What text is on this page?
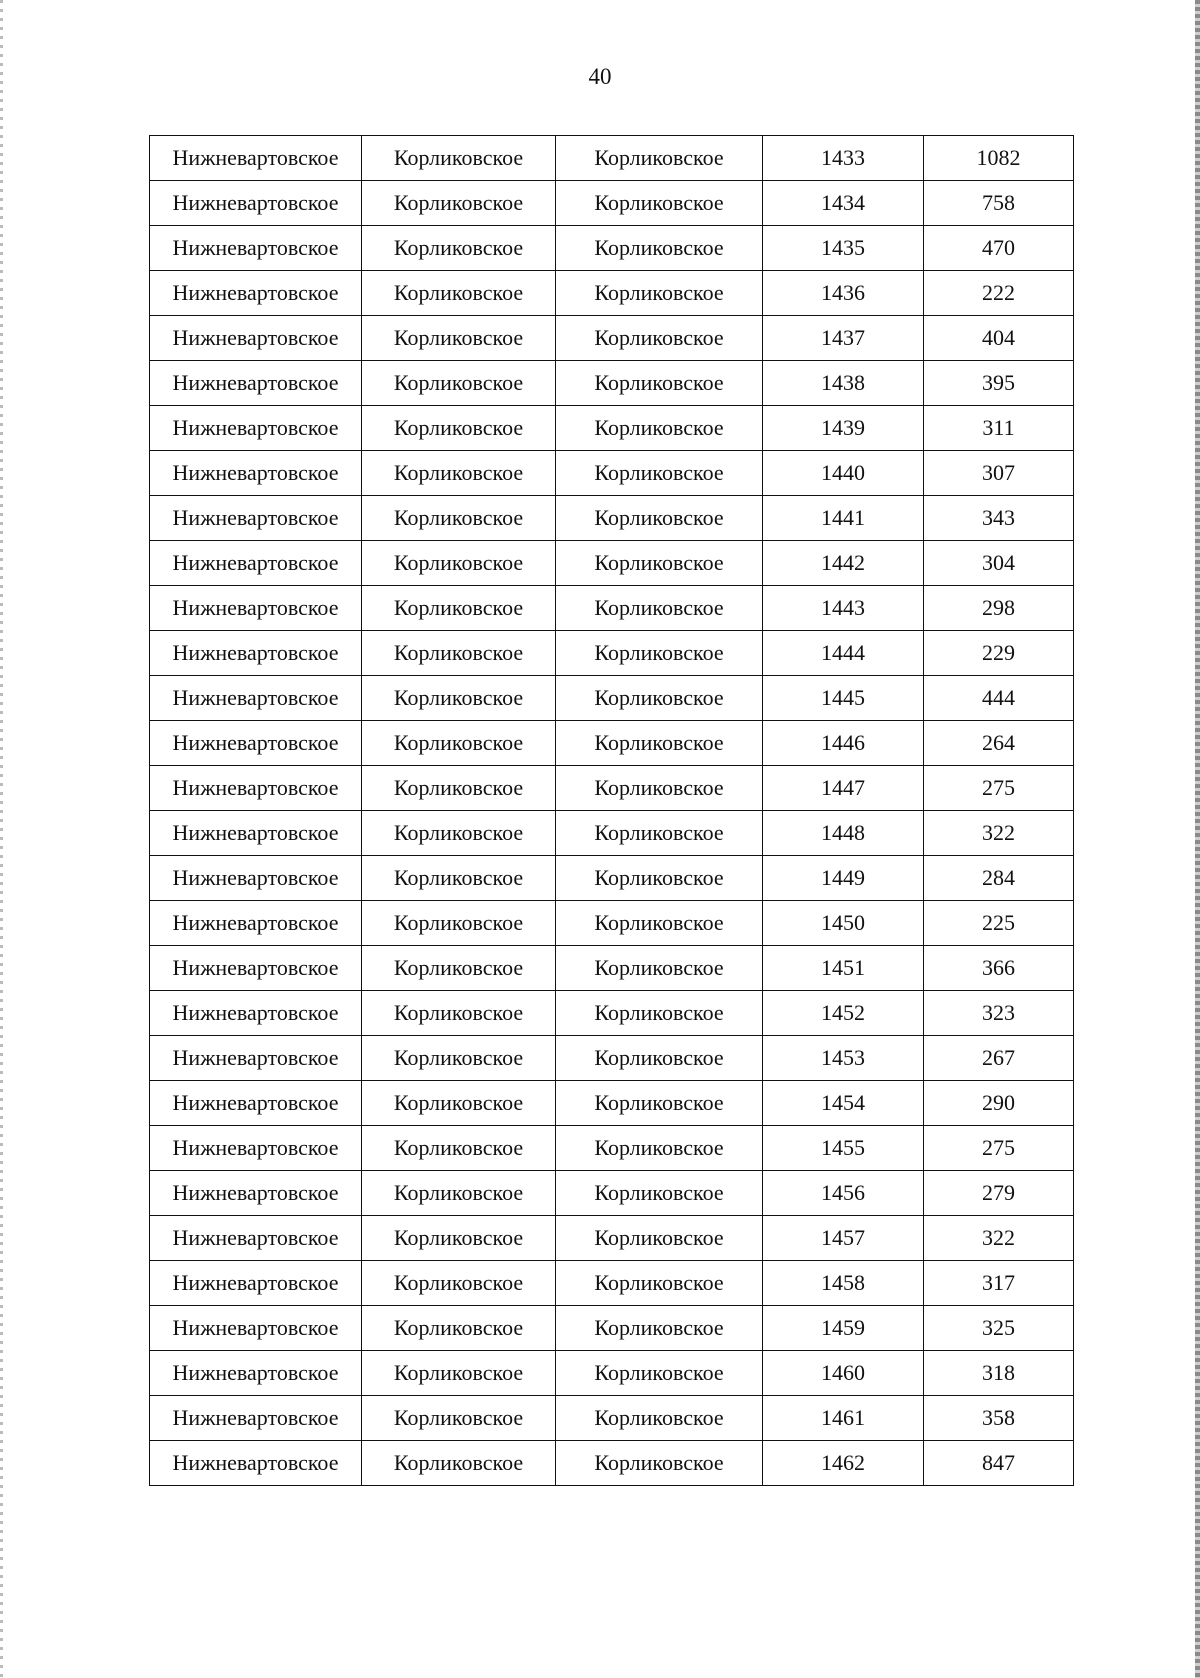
40
Нижневартовское	Корликовское	Корликовское	1433	1082
Нижневартовское	Корликовское	Корликовское	1434	758
Нижневартовское	Корликовское	Корликовское	1435	470
Нижневартовское	Корликовское	Корликовское	1436	222
Нижневартовское	Корликовское	Корликовское	1437	404
Нижневартовское	Корликовское	Корликовское	1438	395
Нижневартовское	Корликовское	Корликовское	1439	311
Нижневартовское	Корликовское	Корликовское	1440	307
Нижневартовское	Корликовское	Корликовское	1441	343
Нижневартовское	Корликовское	Корликовское	1442	304
Нижневартовское	Корликовское	Корликовское	1443	298
Нижневартовское	Корликовское	Корликовское	1444	229
Нижневартовское	Корликовское	Корликовское	1445	444
Нижневартовское	Корликовское	Корликовское	1446	264
Нижневартовское	Корликовское	Корликовское	1447	275
Нижневартовское	Корликовское	Корликовское	1448	322
Нижневартовское	Корликовское	Корликовское	1449	284
Нижневартовское	Корликовское	Корликовское	1450	225
Нижневартовское	Корликовское	Корликовское	1451	366
Нижневартовское	Корликовское	Корликовское	1452	323
Нижневартовское	Корликовское	Корликовское	1453	267
Нижневартовское	Корликовское	Корликовское	1454	290
Нижневартовское	Корликовское	Корликовское	1455	275
Нижневартовское	Корликовское	Корликовское	1456	279
Нижневартовское	Корликовское	Корликовское	1457	322
Нижневартовское	Корликовское	Корликовское	1458	317
Нижневартовское	Корликовское	Корликовское	1459	325
Нижневартовское	Корликовское	Корликовское	1460	318
Нижневартовское	Корликовское	Корликовское	1461	358
Нижневартовское	Корликовское	Корликовское	1462	847
